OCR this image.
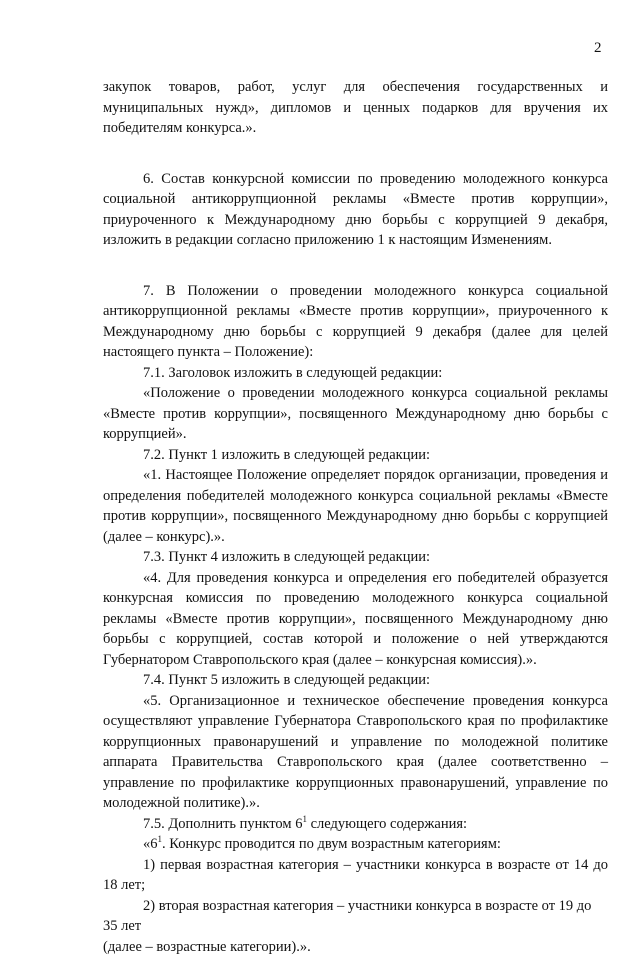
2

закупок товаров, работ, услуг для обеспечения государственных и муниципальных нужд», дипломов и ценных подарков для вручения их победителям конкурса.».

6. Состав конкурсной комиссии по проведению молодежного конкурса социальной антикоррупционной рекламы «Вместе против коррупции», приуроченного к Международному дню борьбы с коррупцией 9 декабря, изложить в редакции согласно приложению 1 к настоящим Изменениям.

7. В Положении о проведении молодежного конкурса социальной антикоррупционной рекламы «Вместе против коррупции», приуроченного к Международному дню борьбы с коррупцией 9 декабря (далее для целей настоящего пункта – Положение):

7.1. Заголовок изложить в следующей редакции:

«Положение о проведении молодежного конкурса социальной рекламы «Вместе против коррупции», посвященного Международному дню борьбы с коррупцией».

7.2. Пункт 1 изложить в следующей редакции:

«1. Настоящее Положение определяет порядок организации, проведения и определения победителей молодежного конкурса социальной рекламы «Вместе против коррупции», посвященного Международному дню борьбы с коррупцией (далее – конкурс).».

7.3. Пункт 4 изложить в следующей редакции:

«4. Для проведения конкурса и определения его победителей образуется конкурсная комиссия по проведению молодежного конкурса социальной рекламы «Вместе против коррупции», посвященного Международному дню борьбы с коррупцией, состав которой и положение о ней утверждаются Губернатором Ставропольского края (далее – конкурсная комиссия).».

7.4. Пункт 5 изложить в следующей редакции:

«5. Организационное и техническое обеспечение проведения конкурса осуществляют управление Губернатора Ставропольского края по профилактике коррупционных правонарушений и управление по молодежной политике аппарата Правительства Ставропольского края (далее соответственно – управление по профилактике коррупционных правонарушений, управление по молодежной политике).».

7.5. Дополнить пунктом $6^1$ следующего содержания:

«$6^1$. Конкурс проводится по двум возрастным категориям:

1) первая возрастная категория – участники конкурса в возрасте от 14 до 18 лет;

2) вторая возрастная категория – участники конкурса в возрасте от 19 до 35 лет

(далее – возрастные категории).».
